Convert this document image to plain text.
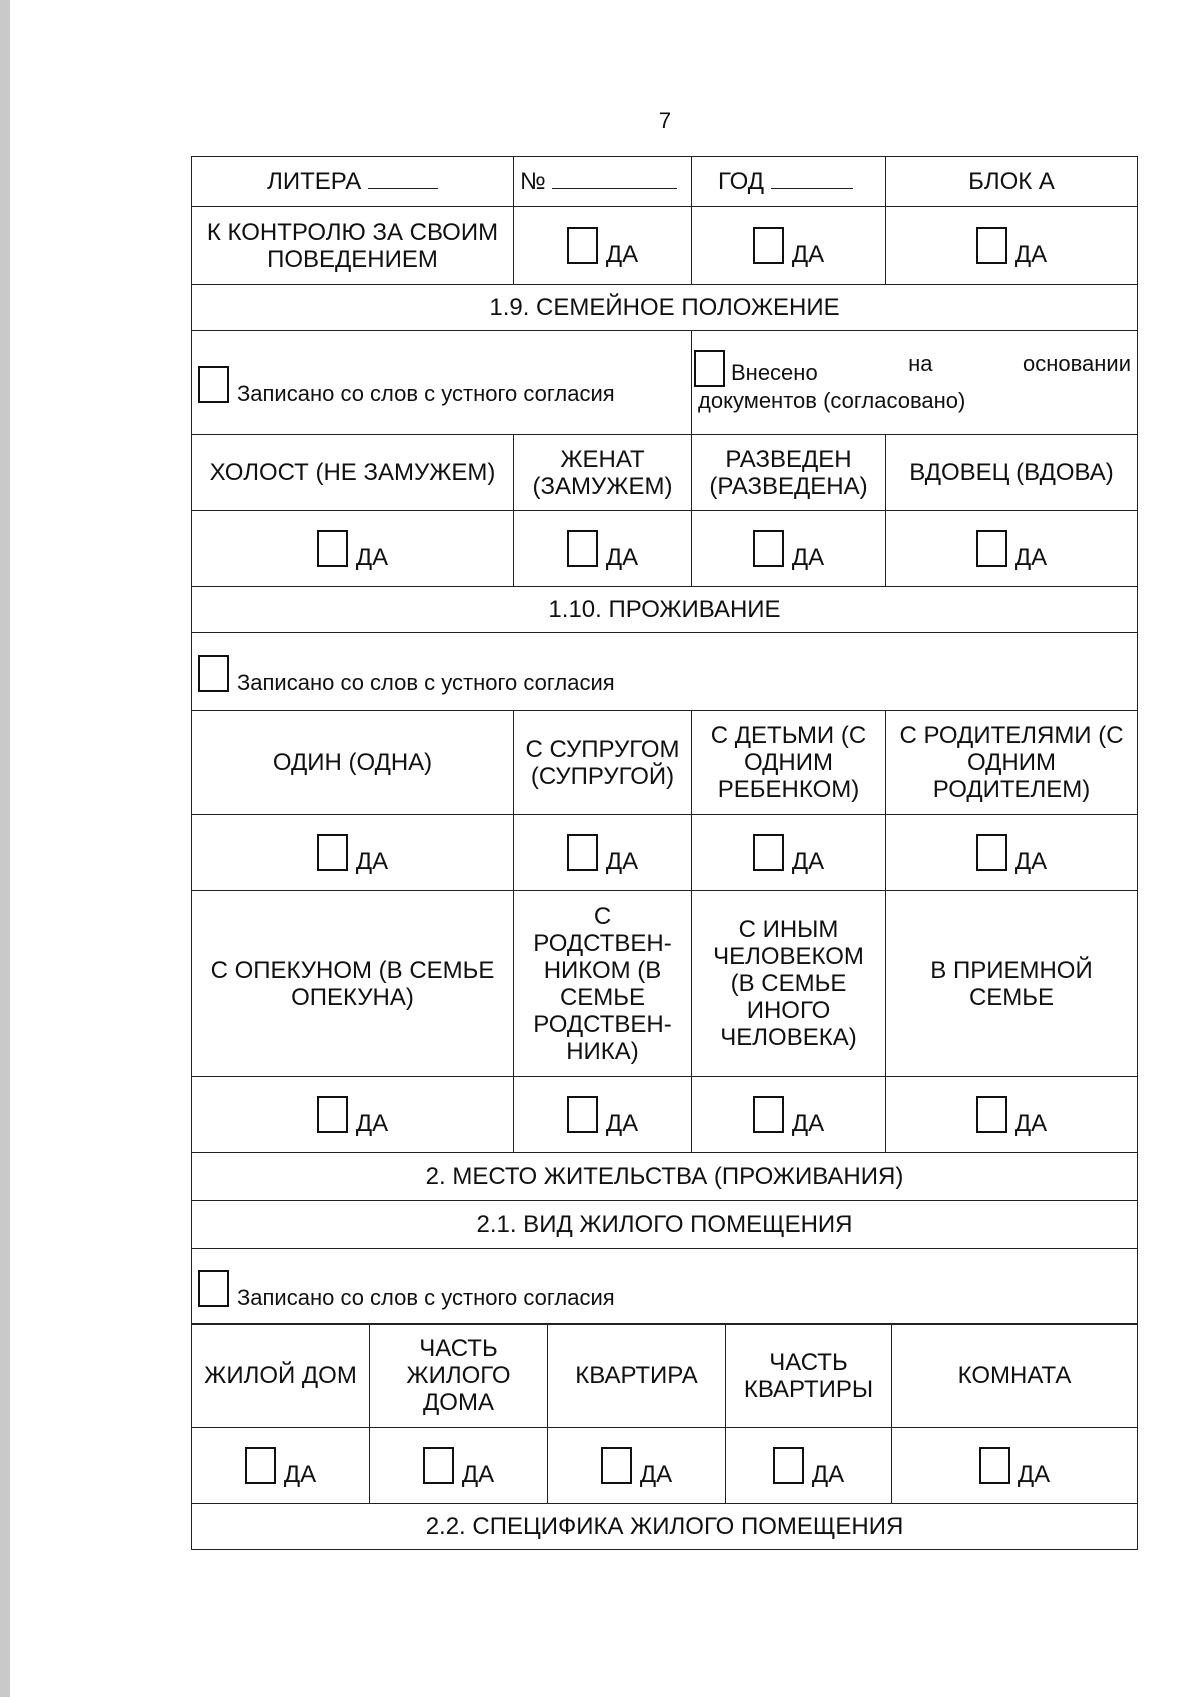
7
ЛИТЕРА	№	ГОД	БЛОК А
К КОНТРОЛЮ ЗА СВОИМ ПОВЕДЕНИЕМ	ДА	ДА	ДА
1.9. СЕМЕЙНОЕ ПОЛОЖЕНИЕ			
Записано со слов с устного согласия		Внесено на основании
документов (согласовано)	

ХОЛОСТ (НЕ ЗАМУЖЕМ)	ЖЕНАТ (ЗАМУЖЕМ)	РАЗВЕДЕН (РАЗВЕДЕНА)	ВДОВЕЦ (ВДОВА)
ДА	ДА	ДА	ДА
1.10. ПРОЖИВАНИЕ			
Записано со слов с устного согласия			
ОДИН (ОДНА)	С СУПРУГОМ (СУПРУГОЙ)	С ДЕТЬМИ (С ОДНИМ РЕБЕНКОМ)	С РОДИТЕЛЯМИ (С ОДНИМ РОДИТЕЛЕМ)
ДА	ДА	ДА	ДА
С ОПЕКУНОМ (В СЕМЬЕ ОПЕКУНА)	С РОДСТВЕН-НИКОМ (В СЕМЬЕ РОДСТВЕН-НИКА)	С ИНЫМ ЧЕЛОВЕКОМ (В СЕМЬЕ ИНОГО ЧЕЛОВЕКА)	В ПРИЕМНОЙ СЕМЬЕ
ДА	ДА	ДА	ДА
2. МЕСТО ЖИТЕЛЬСТВА (ПРОЖИВАНИЯ)			
2.1. ВИД ЖИЛОГО ПОМЕЩЕНИЯ			
Записано со слов с устного согласия			
ЖИЛОЙ ДОМ	ЧАСТЬ ЖИЛОГО ДОМА	КВАРТИРА	ЧАСТЬ КВАРТИРЫ	КОМНАТА
ДА	ДА	ДА	ДА	ДА
2.2. СПЕЦИФИКА ЖИЛОГО ПОМЕЩЕНИЯ				
